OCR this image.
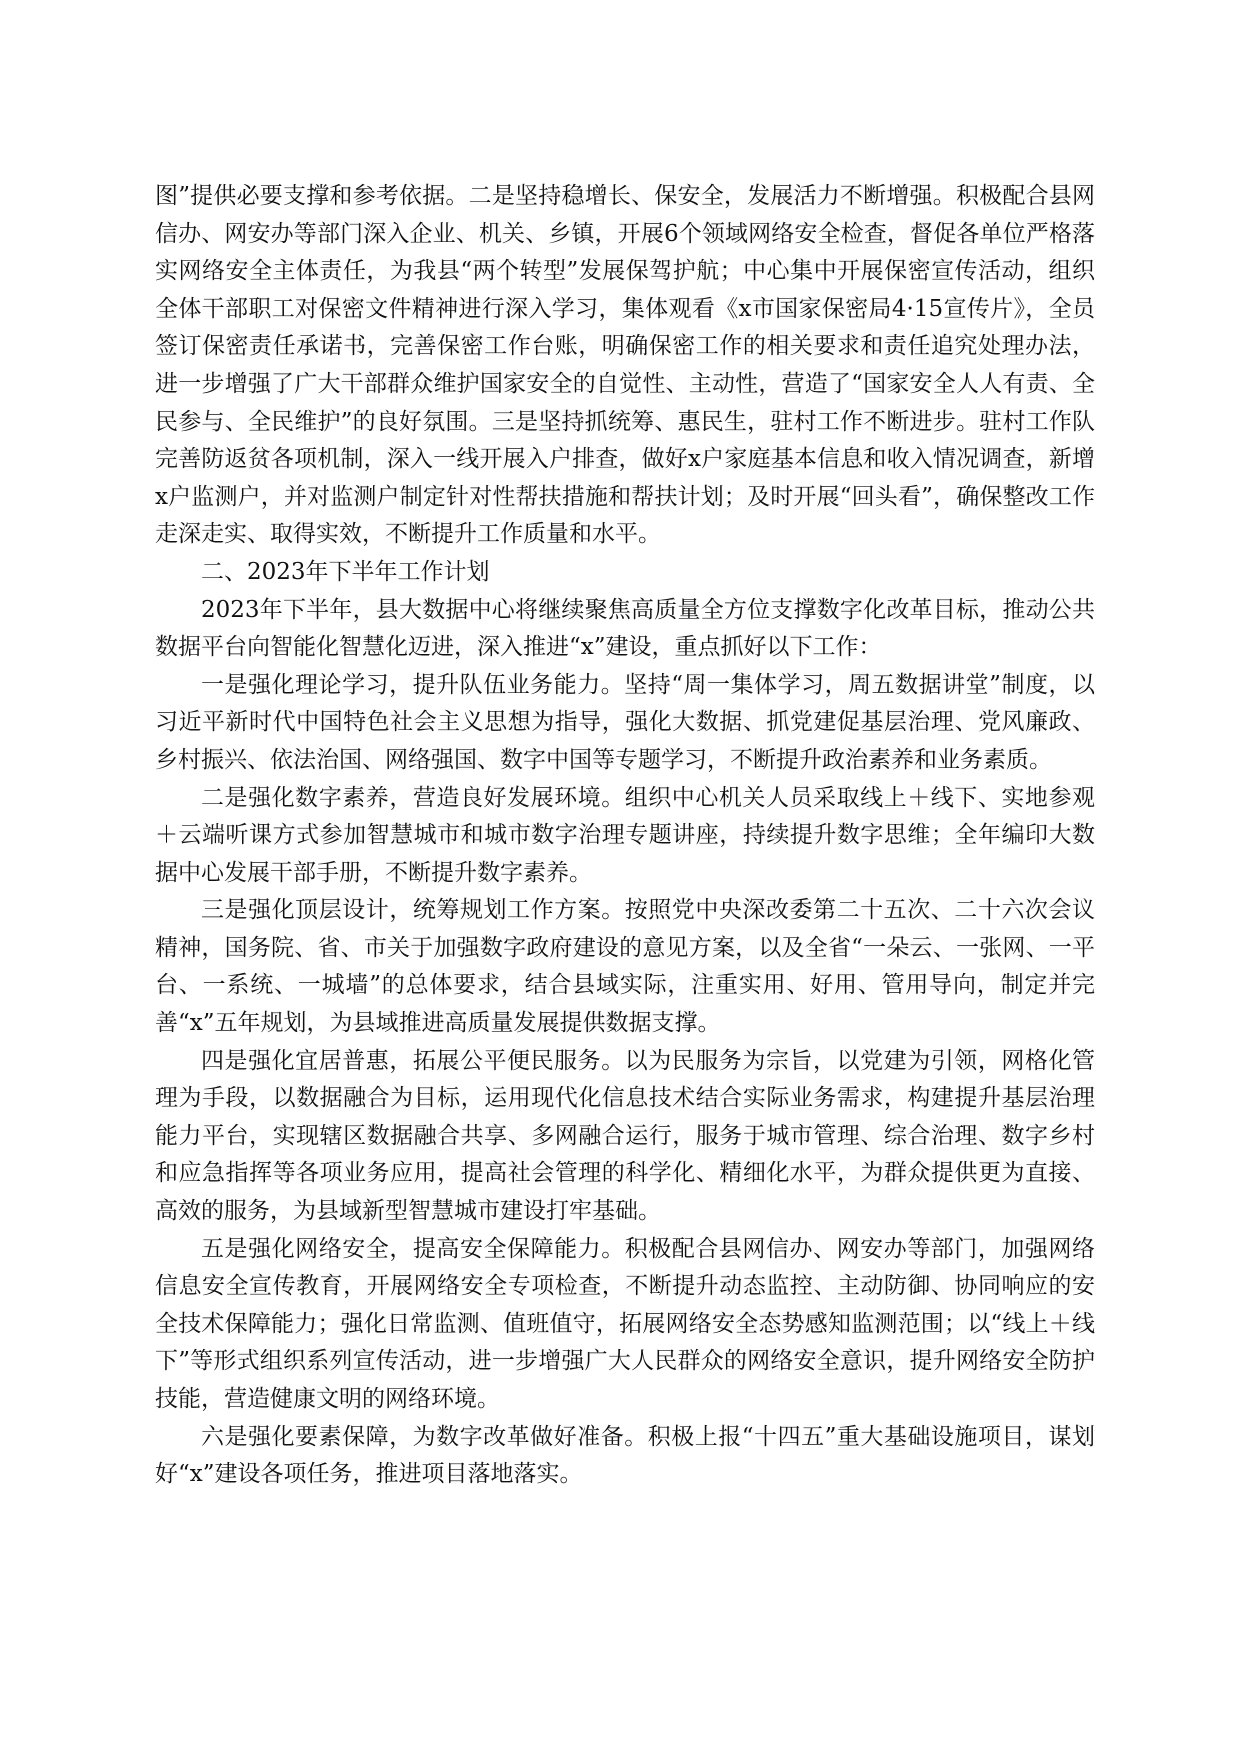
图”提供必要支撑和参考依据。二是坚持稳增长、保安全，发展活力不断增强。积极配合县网信办、网安办等部门深入企业、机关、乡镇，开展6个领域网络安全检查，督促各单位严格落实网络安全主体责任，为我县“两个转型”发展保驾护航；中心集中开展保密宣传活动，组织全体干部职工对保密文件精神进行深入学习，集体观看《x市国家保密局4·15宣传片》，全员签订保密责任承诺书，完善保密工作台账，明确保密工作的相关要求和责任追究处理办法，进一步增强了广大干部群众维护国家安全的自觉性、主动性，营造了“国家安全人人有责、全民参与、全民维护”的良好氛围。三是坚持抓统筹、惠民生，驻村工作不断进步。驻村工作队完善防返贫各项机制，深入一线开展入户排查，做好x户家庭基本信息和收入情况调查，新增x户监测户，并对监测户制定针对性帮扶措施和帮扶计划；及时开展“回头看”，确保整改工作走深走实、取得实效，不断提升工作质量和水平。

二、2023年下半年工作计划

2023年下半年，县大数据中心将继续聚焦高质量全方位支撑数字化改革目标，推动公共数据平台向智能化智慧化迈进，深入推进“x”建设，重点抓好以下工作：

一是强化理论学习，提升队伍业务能力。坚持“周一集体学习，周五数据讲堂”制度，以习近平新时代中国特色社会主义思想为指导，强化大数据、抓党建促基层治理、党风廉政、乡村振兴、依法治国、网络强国、数字中国等专题学习，不断提升政治素养和业务素质。

二是强化数字素养，营造良好发展环境。组织中心机关人员采取线上＋线下、实地参观＋云端听课方式参加智慧城市和城市数字治理专题讲座，持续提升数字思维；全年编印大数据中心发展干部手册，不断提升数字素养。

三是强化顶层设计，统筹规划工作方案。按照党中央深改委第二十五次、二十六次会议精神，国务院、省、市关于加强数字政府建设的意见方案，以及全省“一朵云、一张网、一平台、一系统、一城墙”的总体要求，结合县域实际，注重实用、好用、管用导向，制定并完善“x”五年规划，为县域推进高质量发展提供数据支撑。

四是强化宜居普惠，拓展公平便民服务。以为民服务为宗旨，以党建为引领，网格化管理为手段，以数据融合为目标，运用现代化信息技术结合实际业务需求，构建提升基层治理能力平台，实现辖区数据融合共享、多网融合运行，服务于城市管理、综合治理、数字乡村和应急指挥等各项业务应用，提高社会管理的科学化、精细化水平，为群众提供更为直接、高效的服务，为县域新型智慧城市建设打牢基础。

五是强化网络安全，提高安全保障能力。积极配合县网信办、网安办等部门，加强网络信息安全宣传教育，开展网络安全专项检查，不断提升动态监控、主动防御、协同响应的安全技术保障能力；强化日常监测、值班值守，拓展网络安全态势感知监测范围；以“线上＋线下”等形式组织系列宣传活动，进一步增强广大人民群众的网络安全意识，提升网络安全防护技能，营造健康文明的网络环境。

六是强化要素保障，为数字改革做好准备。积极上报“十四五”重大基础设施项目，谋划好“x”建设各项任务，推进项目落地落实。
